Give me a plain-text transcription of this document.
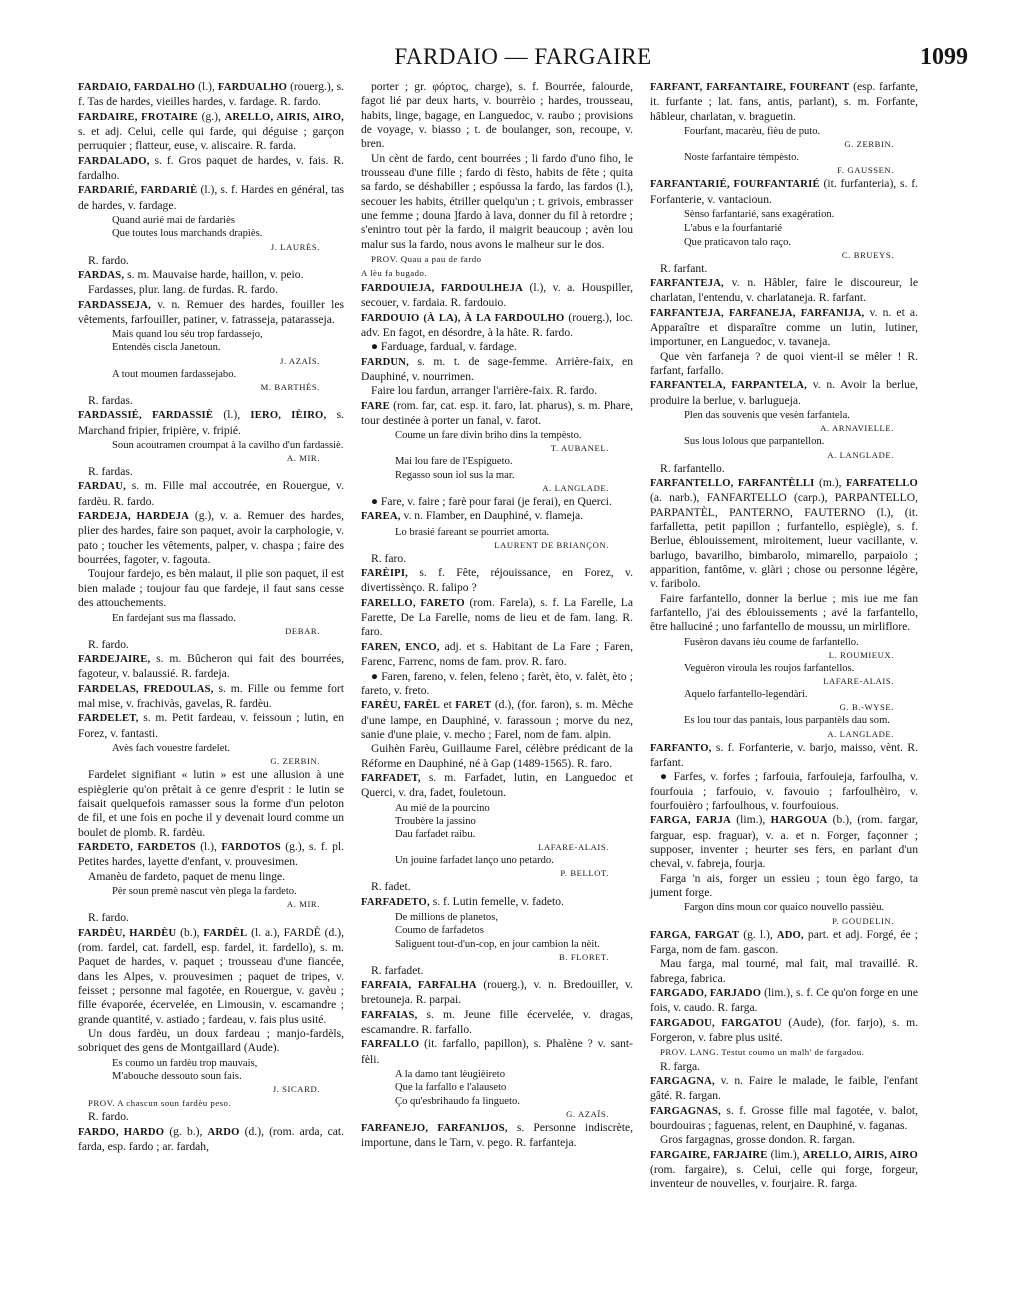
FARDAIO — FARGAIRE	1099

FARDAIO, FARDALHO (l.), FARDUALHO (rouerg.), s. f. Tas de hardes, vieilles hardes, v. fardage. R. fardo.

FARDAIRE, FROTAIRE (g.), ARELLO, AIRIS, AIRO, s. et adj. Celui, celle qui farde, qui déguise ; garçon perruquier ; flatteur, euse, v. aliscaire. R. farda.

FARDALADO, s. f. Gros paquet de hardes, v. fais. R. fardalho.

FARDARIÉ, FARDARIÈ (l.), s. f. Hardes en général, tas de hardes, v. fardage.

Quand aurié mai de fardariès
Que toutes lous marchands drapiès.
J. LAURÈS.

R. fardo.

FARDAS, s. m. Mauvaise harde, haillon, v. peio.

Fardasses, plur. lang. de furdas. R. fardo.

FARDASSEJA, v. n. Remuer des hardes, fouiller les vêtements, farfouiller, patiner, v. fatrasseja, patarasseja.

Mais quand lou séu trop fardassejo,
Entendès ciscla Janetoun.
J. AZAÏS.
A tout moumen fardassejabo.
M. BARTHÉS.

R. fardas.

FARDASSIÉ, FARDASSIÈ (l.), IERO, IÈIRO, s. Marchand fripier, fripière, v. fripié.

Soun acoutramen croumpat à la cavilho d'un fardassiè.
A. MIR.

R. fardas.

FARDAU, s. m. Fille mal accoutrée, en Rouergue, v. fardèu. R. fardo.

FARDEJA, HARDEJA (g.), v. a. Remuer des hardes, plier des hardes, faire son paquet, avoir la carphologie, v. pato ; toucher les vêtements, palper, v. chaspa ; faire des bourrées, fagoter, v. fagouta.

Toujour fardejo, es bèn malaut, il plie son paquet, il est bien malade ; toujour fau que fardeje, il faut sans cesse des attouchements.

En fardejant sus ma flassado.
DEBAR.

R. fardo.

FARDEJAIRE, s. m. Bûcheron qui fait des bourrées, fagoteur, v. balaussié. R. fardeja.

FARDELAS, FREDOULAS, s. m. Fille ou femme fort mal mise, v. frachivàs, gavelas, R. fardèu.

FARDELET, s. m. Petit fardeau, v. feissoun ; lutin, en Forez, v. fantasti.

Avès fach vouestre fardelet.
G. ZERBIN.

Fardelet signifiant « lutin » est une allusion à une espièglerie qu'on prêtait à ce genre d'esprit : le lutin se faisait quelquefois ramasser sous la forme d'un peloton de fil, et une fois en poche il y devenait lourd comme un boulet de plomb. R. fardèu.

FARDETO, FARDETOS (l.), FARDOTOS (g.), s. f. pl. Petites hardes, layette d'enfant, v. prouvesimen.

Amanèu de fardeto, paquet de menu linge.

Pèr soun premè nascut vèn plega la fardeto.
A. MIR.

R. fardo.

FARDÈU, HARDÈU (b.), FARDÈL (l. a.), FARDÈ (d.), (rom. fardel, cat. fardell, esp. fardel, it. fardello), s. m. Paquet de hardes, v. paquet ; trousseau d'une fiancée, dans les Alpes, v. prouvesimen ; paquet de tripes, v. feisset ; personne mal fagotée, en Rouergue, v. gavèu ; fille évaporée, écervelée, en Limousin, v. escamandre ; grande quantité, v. astiado ; fardeau, v. fais plus usité.

Un dous fardèu, un doux fardeau ; manjo-fardèls, sobriquet des gens de Montgaillard (Aude).

Es coumo un fardèu trop mauvais,
M'abouche dessouto soun fais.
J. SICARD.
PROV. A chascun soun fardèu peso.

R. fardo.

FARDO, HARDO (g. b.), ARDO (d.), (rom. arda, cat. farda, esp. fardo ; ar. fardah,

porter ; gr. φόρτος, charge), s. f. Bourrée, falourde, fagot lié par deux harts, v. bourrèio ; hardes, trousseau, habits, linge, bagage, en Languedoc, v. raubo ; provisions de voyage, v. biasso ; t. de boulanger, son, recoupe, v. bren.

Un cènt de fardo, cent bourrées ; li fardo d'uno fiho, le trousseau d'une fille ; fardo di fèsto, habits de fête ; quita sa fardo, se déshabiller ; espóussa la fardo, las fardos (l.), secouer les habits, étriller quelqu'un ; t. grivois, embrasser une femme ; douna ]fardo à lava, donner du fil à retordre ; s'enintro tout pèr la fardo, il maigrit beaucoup ; avèn lou malur sus la fardo, nous avons le malheur sur le dos.

PROV. Quau a pau de fardo
A lèu fa bugado.

FARDOUIEJA, FARDOULHEJA (l.), v. a. Houspiller, secouer, v. fardaia. R. fardouio.

FARDOUIO (À LA), À LA FARDOULHO (rouerg.), loc. adv. En fagot, en désordre, à la hâte. R. fardo.

● Farduage, fardual, v. fardage.

FARDUN, s. m. t. de sage-femme. Arrière-faix, en Dauphiné, v. nourrimen.

Faire lou fardun, arranger l'arrière-faix. R. fardo.

FARE (rom. far, cat. esp. it. faro, lat. pharus), s. m. Phare, tour destinée à porter un fanal, v. farot.

Coume un fare divin briho dins la tempèsto.
T. AUBANEL.
Mai lou fare de l'Espigueto.
Regasso soun iol sus la mar.
A. LANGLADE.

● Fare, v. faire ; farè pour farai (je ferai), en Querci.

FAREA, v. n. Flamber, en Dauphiné, v. flameja.

Lo brasié fareant se pourriet amorta.
LAURENT DE BRIANÇON.

R. faro.

FARÈIPI, s. f. Fête, réjouissance, en Forez, v. divertissènço. R. falipo ?

FARELLO, FARETO (rom. Farela), s. f. La Farelle, La Farette, De La Farelle, noms de lieu et de fam. lang. R. faro.

FAREN, ENCO, adj. et s. Habitant de La Fare ; Faren, Farenc, Farrenc, noms de fam. prov. R. faro.

● Faren, fareno, v. felen, feleno ; farèt, èto, v. falèt, èto ; fareto, v. freto.

FARÈU, FARÈL et FARET (d.), (for. faron), s. m. Mèche d'une lampe, en Dauphiné, v. farassoun ; morve du nez, sanie d'une plaie, v. mecho ; Farel, nom de fam. alpin.

Guihèn Farèu, Guillaume Farel, célèbre prédicant de la Réforme en Dauphiné, né à Gap (1489-1565). R. faro.

FARFADET, s. m. Farfadet, lutin, en Languedoc et Querci, v. dra, fadet, fouletoun.

Au mié de la pourcino
Troubère la jassino
Dau farfadet raibu.
LAFARE-ALAIS.
Un jouine farfadet lanço uno petardo.
P. BELLOT.

R. fadet.

FARFADETO, s. f. Lutin femelle, v. fadeto.

De millions de planetos,
Coumo de farfadetos
Saliguent tout-d'un-cop, en jour cambion la nèit.
B. FLORET.

R. farfadet.

FARFAIA, FARFALHA (rouerg.), v. n. Bredouiller, v. bretouneja. R. parpai.

FARFAIAS, s. m. Jeune fille écervelée, v. dragas, escamandre. R. farfallo.

FARFALLO (it. farfallo, papillon), s. Phalène ? v. sant-fèli.

A la damo tant lèugièireto
Que la farfallo e l'alauseto
Ço qu'esbrihaudo fa lingueto.
G. AZAÏS.

FARFANEJO, FARFANIJOS, s. Personne indiscrète, importune, dans le Tarn, v. pego. R. farfanteja.

FARFANT, FARFANTAIRE, FOURFANT (esp. farfante, it. furfante ; lat. fans, antis, parlant), s. m. Forfante, hâbleur, charlatan, v. braguetin.

Fourfant, macarèu, fièu de puto.
G. ZERBIN.
Noste farfantaire tèmpèsto.
F. GAUSSEN.

FARFANTARIÉ, FOURFANTARIÉ (it. furfanteria), s. f. Forfanterie, v. vantacioun.

Sènso farfantarié, sans exagération.
L'abus e la fourfantarié
Que praticavon talo raço.
C. BRUEYS.

R. farfant.

FARFANTEJA, v. n. Hâbler, faire le discoureur, le charlatan, l'entendu, v. charlataneja. R. farfant.

FARFANTEJA, FARFANEJA, FARFANIJA, v. n. et a. Apparaître et disparaître comme un lutin, lutiner, importuner, en Languedoc, v. tavaneja.

Que vèn farfaneja ? de quoi vient-il se mêler ! R. farfant, farfallo.

FARFANTELA, FARPANTELA, v. n. Avoir la berlue, produire la berlue, v. barlugueja.

Plen das souvenis que vesèn farfantela.
A. ARNAVIELLE.
Sus lous lolous que parpantellon.
A. LANGLADE.

R. farfantello.

FARFANTELLO, FARFANTÈLLI (m.), FARFATELLO (a. narb.), FANFARTELLO (carp.), PARPANTELLO, PARPANTÈL, PANTERNO, FAUTERNO (l.), (it. farfalletta, petit papillon ; furfantello, espiègle), s. f. Berlue, éblouissement, miroitement, lueur vacillante, v. barlugo, bavarilho, bimbarolo, mimarello, parpaiolo ; apparition, fantôme, v. glàri ; chose ou personne légère, v. faribolo.

Faire farfantello, donner la berlue ; mis iue me fan farfantello, j'ai des éblouissements ; avé la farfantello, être halluciné ; uno farfantello de moussu, un mirliflore.

Fusèron davans ièu coume de farfantello.
L. ROUMIEUX.
Veguèron viroula les roujos farfantellos.
LAFARE-ALAIS.
Aquelo farfantello-legendàri.
G. B.-WYSE.
Es lou tour das pantais, lous parpantèls dau som.
A. LANGLADE.

FARFANTO, s. f. Forfanterie, v. barjo, maisso, vènt. R. farfant.

● Farfes, v. forfes ; farfouia, farfouieja, farfoulha, v. fourfouia ; farfouio, v. favouio ; farfoulhèiro, v. fourfouièro ; farfoulhous, v. fourfouious.

FARGA, FARJA (lim.), HARGOUA (b.), (rom. fargar, farguar, esp. fraguar), v. a. et n. Forger, façonner ; supposer, inventer ; heurter ses fers, en parlant d'un cheval, v. fabreja, fourja.

Farga 'n ais, forger un essieu ; toun ègo fargo, ta jument forge.

Fargon dins moun cor quaico nouvello passièu.
P. GOUDELIN.

FARGA, FARGAT (g. l.), ADO, part. et adj. Forgé, ée ; Farga, nom de fam. gascon.

Mau farga, mal tourné, mal fait, mal travaillé. R. fabrega, fabrica.

FARGADO, FARJADO (lim.), s. f. Ce qu'on forge en une fois, v. caudo. R. farga.

FARGADOU, FARGATOU (Aude), (for. farjo), s. m. Forgeron, v. fabre plus usité.

PROV. LANG. Testut coumo un malh' de fargadou.

R. farga.

FARGAGNA, v. n. Faire le malade, le faible, l'enfant gâté. R. fargan.

FARGAGNAS, s. f. Grosse fille mal fagotée, v. balot, bourdouiras ; faguenas, relent, en Dauphiné, v. faganas.

Gros fargagnas, grosse dondon. R. fargan.

FARGAIRE, FARJAIRE (lim.), ARELLO, AIRIS, AIRO (rom. fargaire), s. Celui, celle qui forge, forgeur, inventeur de nouvelles, v. fourjaire. R. farga.
